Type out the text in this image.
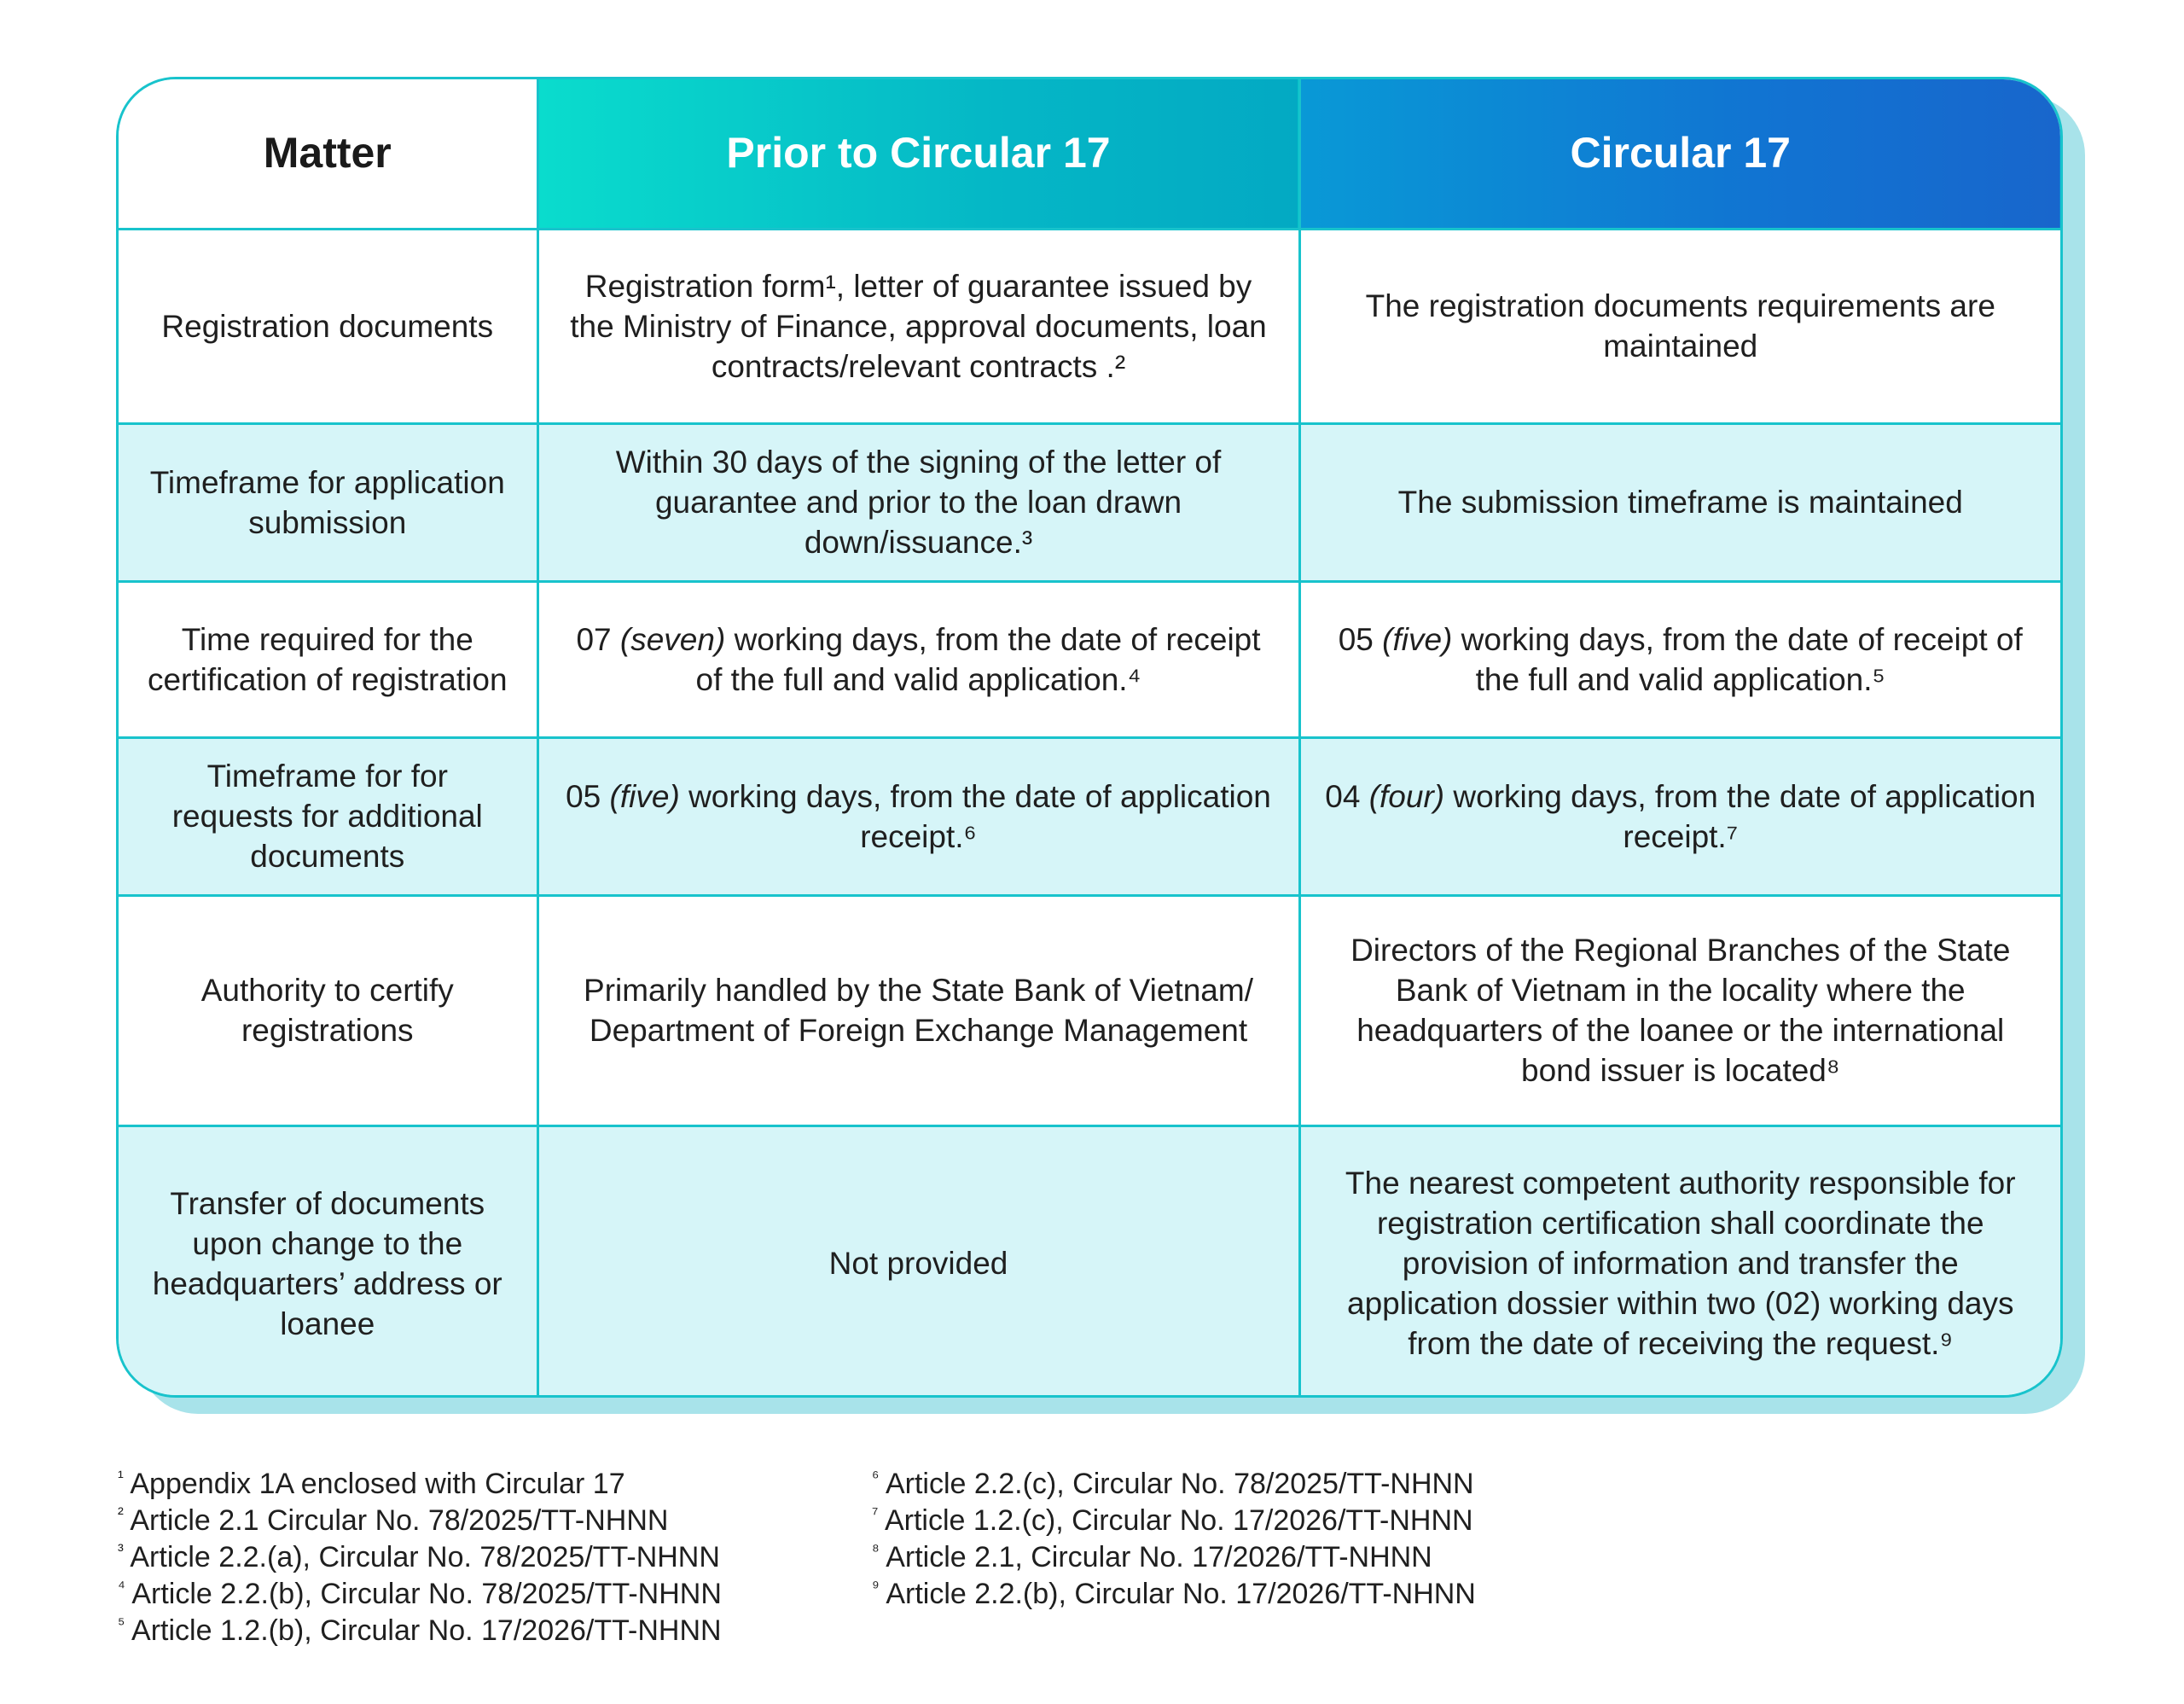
Matter	Prior to Circular 17	Circular 17
Registration documents	Registration form¹, letter of guarantee issued by the Ministry of Finance, approval documents, loan contracts/relevant contracts .²	The registration documents requirements are maintained
Timeframe for application submission	Within 30 days of the signing of the letter of guarantee and prior to the loan drawn down/issuance.³	The submission timeframe is maintained
Time required for the certification of registration	07 (seven) working days, from the date of receipt of the full and valid application.⁴	05 (five) working days, from the date of receipt of the full and valid application.⁵
Timeframe for for requests for additional documents	05 (five) working days, from the date of application receipt.⁶	04 (four) working days, from the date of application receipt.⁷
Authority to certify registrations	Primarily handled by the State Bank of Vietnam/ Department of Foreign Exchange Management	Directors of the Regional Branches of the State Bank of Vietnam in the locality where the headquarters of the loanee or the international bond issuer is located⁸
Transfer of documents upon change to the headquarters’ address or loanee	Not provided	The nearest competent authority responsible for registration certification shall coordinate the provision of information and transfer the application dossier within two (02) working days from the date of receiving the request.⁹
$^{^1}$ Appendix 1A enclosed with Circular 17
$^{^2}$ Article 2.1 Circular No. 78/2025/TT-NHNN
$^{^3}$ Article 2.2.(a), Circular No. 78/2025/TT-NHNN
$^{^4}$ Article 2.2.(b), Circular No. 78/2025/TT-NHNN
$^{^5}$ Article 1.2.(b), Circular No. 17/2026/TT-NHNN
$^{^6}$ Article 2.2.(c), Circular No. 78/2025/TT-NHNN
$^{^7}$ Article 1.2.(c), Circular No. 17/2026/TT-NHNN
$^{^8}$ Article 2.1, Circular No. 17/2026/TT-NHNN
$^{^9}$ Article 2.2.(b), Circular No. 17/2026/TT-NHNN
